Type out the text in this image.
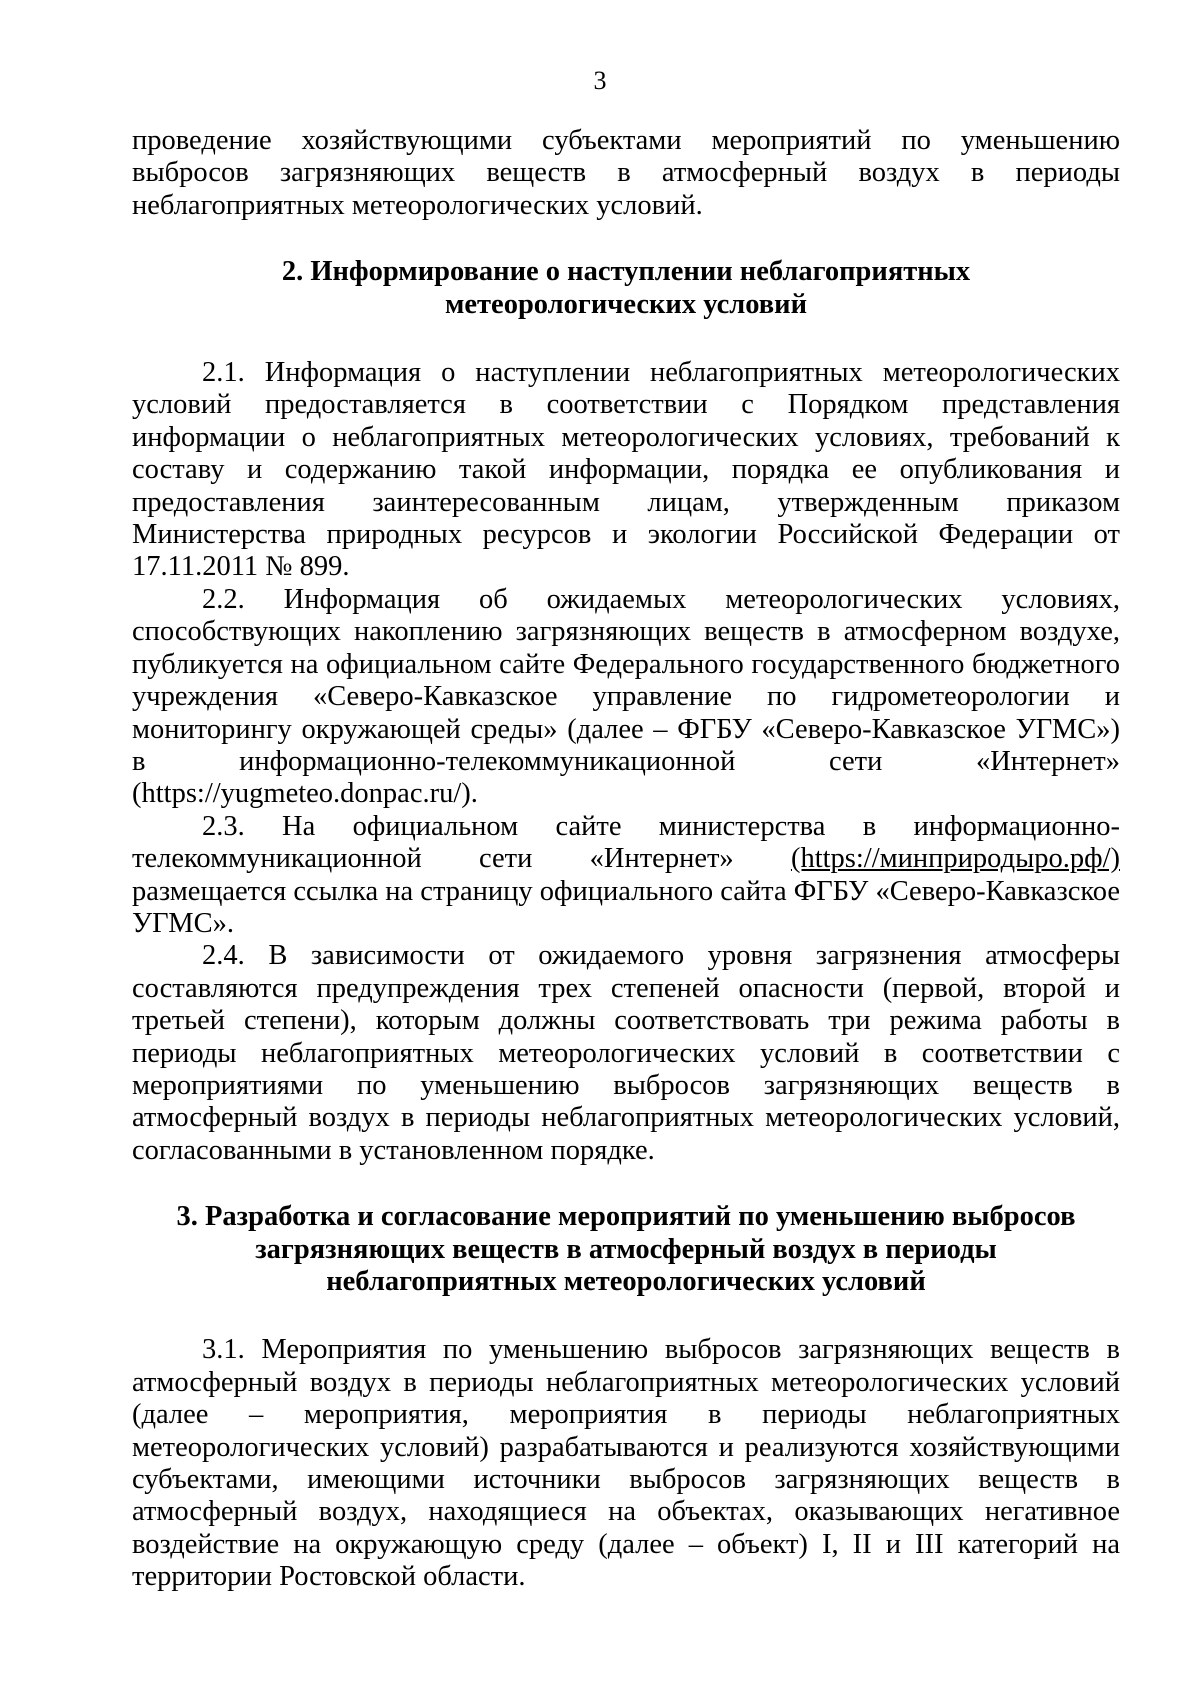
3

проведение хозяйствующими субъектами мероприятий по уменьшению выбросов загрязняющих веществ в атмосферный воздух в периоды неблагоприятных метеорологических условий.

2. Информирование о наступлении неблагоприятных метеорологических условий

2.1. Информация о наступлении неблагоприятных метеорологических условий предоставляется в соответствии с Порядком представления информации о неблагоприятных метеорологических условиях, требований к составу и содержанию такой информации, порядка ее опубликования и предоставления заинтересованным лицам, утвержденным приказом Министерства природных ресурсов и экологии Российской Федерации от 17.11.2011 № 899.

2.2. Информация об ожидаемых метеорологических условиях, способствующих накоплению загрязняющих веществ в атмосферном воздухе, публикуется на официальном сайте Федерального государственного бюджетного учреждения «Северо-Кавказское управление по гидрометеорологии и мониторингу окружающей среды» (далее – ФГБУ «Северо-Кавказское УГМС») в информационно-телекоммуникационной сети «Интернет» (https://yugmeteo.donpac.ru/).

2.3. На официальном сайте министерства в информационно-телекоммуникационной сети «Интернет» (https://минприродыро.рф/) размещается ссылка на страницу официального сайта ФГБУ «Северо-Кавказское УГМС».

2.4. В зависимости от ожидаемого уровня загрязнения атмосферы составляются предупреждения трех степеней опасности (первой, второй и третьей степени), которым должны соответствовать три режима работы в периоды неблагоприятных метеорологических условий в соответствии с мероприятиями по уменьшению выбросов загрязняющих веществ в атмосферный воздух в периоды неблагоприятных метеорологических условий, согласованными в установленном порядке.

3. Разработка и согласование мероприятий по уменьшению выбросов загрязняющих веществ в атмосферный воздух в периоды неблагоприятных метеорологических условий

3.1. Мероприятия по уменьшению выбросов загрязняющих веществ в атмосферный воздух в периоды неблагоприятных метеорологических условий (далее – мероприятия, мероприятия в периоды неблагоприятных метеорологических условий) разрабатываются и реализуются хозяйствующими субъектами, имеющими источники выбросов загрязняющих веществ в атмосферный воздух, находящиеся на объектах, оказывающих негативное воздействие на окружающую среду (далее – объект) I, II и III категорий на территории Ростовской области.
